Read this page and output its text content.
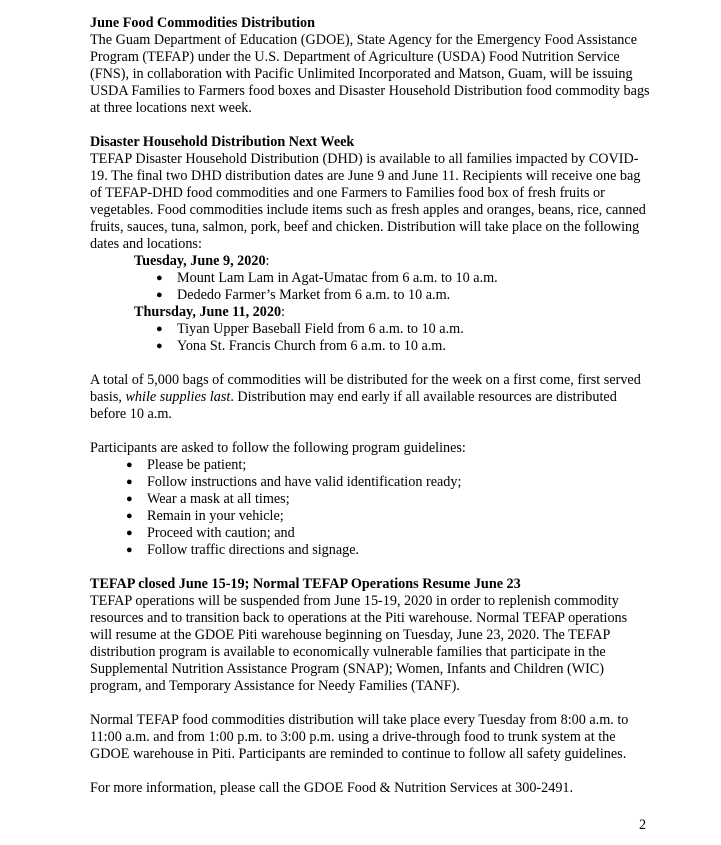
June Food Commodities Distribution

The Guam Department of Education (GDOE), State Agency for the Emergency Food Assistance Program (TEFAP) under the U.S. Department of Agriculture (USDA) Food Nutrition Service (FNS), in collaboration with Pacific Unlimited Incorporated and Matson, Guam, will be issuing USDA Families to Farmers food boxes and Disaster Household Distribution food commodity bags at three locations next week.

Disaster Household Distribution Next Week

TEFAP Disaster Household Distribution (DHD) is available to all families impacted by COVID-19. The final two DHD distribution dates are June 9 and June 11. Recipients will receive one bag of TEFAP-DHD food commodities and one Farmers to Families food box of fresh fruits or vegetables. Food commodities include items such as fresh apples and oranges, beans, rice, canned fruits, sauces, tuna, salmon, pork, beef and chicken. Distribution will take place on the following dates and locations:

Tuesday, June 9, 2020:
● Mount Lam Lam in Agat-Umatac from 6 a.m. to 10 a.m.
● Dededo Farmer’s Market from 6 a.m. to 10 a.m.
Thursday, June 11, 2020:
● Tiyan Upper Baseball Field from 6 a.m. to 10 a.m.
● Yona St. Francis Church from 6 a.m. to 10 a.m.

A total of 5,000 bags of commodities will be distributed for the week on a first come, first served basis, while supplies last. Distribution may end early if all available resources are distributed before 10 a.m.

Participants are asked to follow the following program guidelines:

● Please be patient;
● Follow instructions and have valid identification ready;
● Wear a mask at all times;
● Remain in your vehicle;
● Proceed with caution; and
● Follow traffic directions and signage.
TEFAP closed June 15-19; Normal TEFAP Operations Resume June 23

TEFAP operations will be suspended from June 15-19, 2020 in order to replenish commodity resources and to transition back to operations at the Piti warehouse. Normal TEFAP operations will resume at the GDOE Piti warehouse beginning on Tuesday, June 23, 2020. The TEFAP distribution program is available to economically vulnerable families that participate in the Supplemental Nutrition Assistance Program (SNAP); Women, Infants and Children (WIC) program, and Temporary Assistance for Needy Families (TANF).

Normal TEFAP food commodities distribution will take place every Tuesday from 8:00 a.m. to 11:00 a.m. and from 1:00 p.m. to 3:00 p.m. using a drive-through food to trunk system at the GDOE warehouse in Piti. Participants are reminded to continue to follow all safety guidelines.

For more information, please call the GDOE Food & Nutrition Services at 300-2491.

2
